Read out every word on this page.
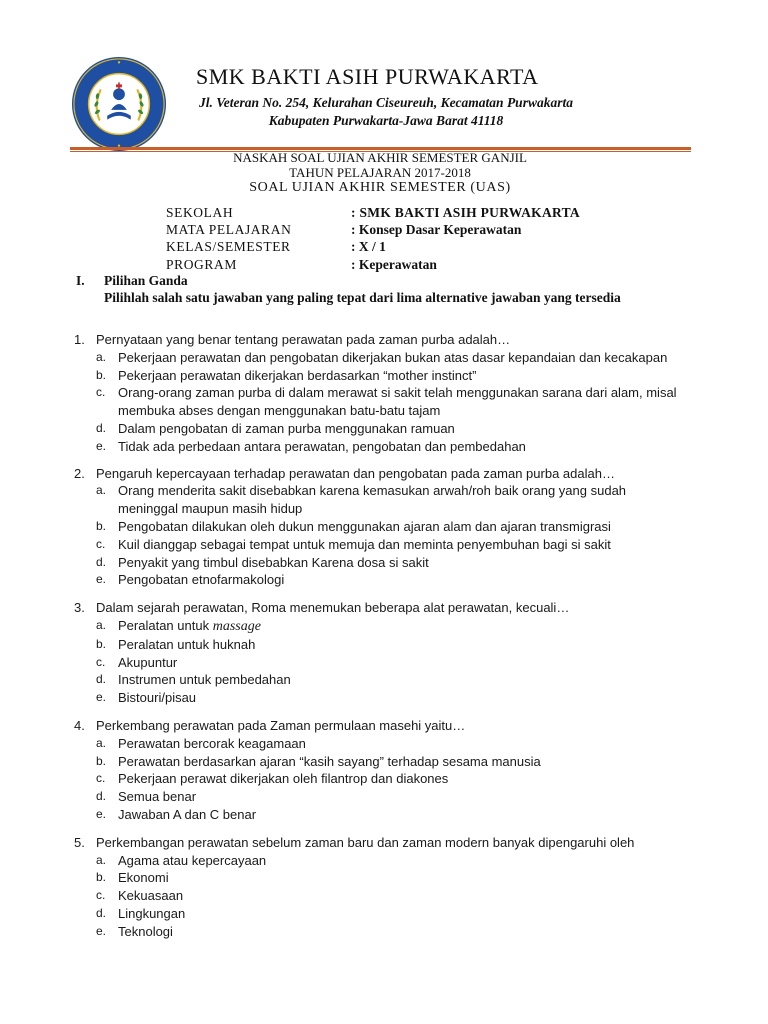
SMK BAKTI ASIH PURWAKARTA
Jl. Veteran No. 254, Kelurahan Ciseureuh, Kecamatan Purwakarta
Kabupaten Purwakarta-Jawa Barat 41118
NASKAH SOAL UJIAN AKHIR SEMESTER GANJIL
TAHUN PELAJARAN 2017-2018
SOAL UJIAN AKHIR SEMESTER (UAS)
SEKOLAH	: SMK BAKTI ASIH PURWAKARTA
MATA PELAJARAN	: Konsep Dasar Keperawatan
KELAS/SEMESTER	: X / 1
PROGRAM	: Keperawatan
I. Pilihan Ganda
Pilihlah salah satu jawaban yang paling tepat dari lima alternative jawaban yang tersedia
1. Pernyataan yang benar tentang perawatan pada zaman purba adalah…
a. Pekerjaan perawatan dan pengobatan dikerjakan bukan atas dasar kepandaian dan kecakapan
b. Pekerjaan perawatan dikerjakan berdasarkan “mother instinct”
c. Orang-orang zaman purba di dalam merawat si sakit telah menggunakan sarana dari alam, misal membuka abses dengan menggunakan batu-batu tajam
d. Dalam pengobatan di zaman purba menggunakan ramuan
e. Tidak ada perbedaan antara perawatan, pengobatan dan pembedahan
2. Pengaruh kepercayaan terhadap perawatan dan pengobatan pada zaman purba adalah…
a. Orang menderita sakit disebabkan karena kemasukan arwah/roh baik orang yang sudah meninggal maupun masih hidup
b. Pengobatan dilakukan oleh dukun menggunakan ajaran alam dan ajaran transmigrasi
c. Kuil dianggap sebagai tempat untuk memuja dan meminta penyembuhan bagi si sakit
d. Penyakit yang timbul disebabkan Karena dosa si sakit
e. Pengobatan etnofarmakologi
3. Dalam sejarah perawatan, Roma menemukan beberapa alat perawatan, kecuali…
a. Peralatan untuk massage
b. Peralatan untuk huknah
c. Akupuntur
d. Instrumen untuk pembedahan
e. Bistouri/pisau
4. Perkembang perawatan pada Zaman permulaan masehi yaitu…
a. Perawatan bercorak keagamaan
b. Perawatan berdasarkan ajaran “kasih sayang” terhadap sesama manusia
c. Pekerjaan perawat dikerjakan oleh filantrop dan diakones
d. Semua benar
e. Jawaban A dan C benar
5. Perkembangan perawatan sebelum zaman baru dan zaman modern banyak dipengaruhi oleh
a. Agama atau kepercayaan
b. Ekonomi
c. Kekuasaan
d. Lingkungan
e. Teknologi
